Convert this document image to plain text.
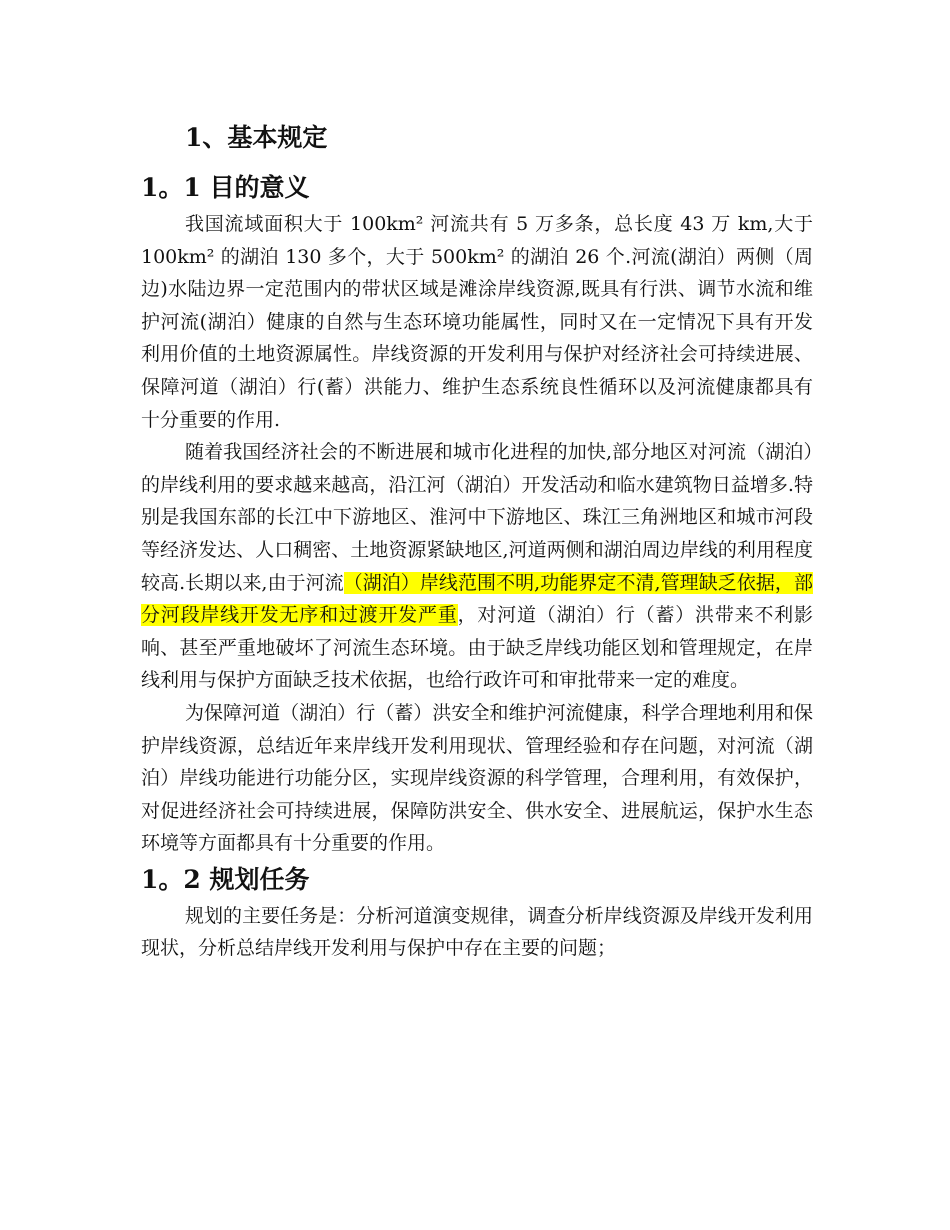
1、基本规定
1。1 目的意义

我国流域面积大于 100km² 河流共有 5 万多条，总长度 43 万 km,大于 100km² 的湖泊 130 多个，大于 500km² 的湖泊 26 个.河流(湖泊）两侧（周边)水陆边界一定范围内的带状区域是滩涂岸线资源,既具有行洪、调节水流和维护河流(湖泊）健康的自然与生态环境功能属性，同时又在一定情况下具有开发利用价值的土地资源属性。岸线资源的开发利用与保护对经济社会可持续进展、保障河道（湖泊）行(蓄）洪能力、维护生态系统良性循环以及河流健康都具有十分重要的作用.

随着我国经济社会的不断进展和城市化进程的加快,部分地区对河流（湖泊）的岸线利用的要求越来越高，沿江河（湖泊）开发活动和临水建筑物日益增多.特别是我国东部的长江中下游地区、淮河中下游地区、珠江三角洲地区和城市河段等经济发达、人口稠密、土地资源紧缺地区,河道两侧和湖泊周边岸线的利用程度较高.长期以来,由于河流（湖泊）岸线范围不明,功能界定不清,管理缺乏依据，部分河段岸线开发无序和过渡开发严重，对河道（湖泊）行（蓄）洪带来不利影响、甚至严重地破坏了河流生态环境。由于缺乏岸线功能区划和管理规定，在岸线利用与保护方面缺乏技术依据，也给行政许可和审批带来一定的难度。

为保障河道（湖泊）行（蓄）洪安全和维护河流健康，科学合理地利用和保护岸线资源，总结近年来岸线开发利用现状、管理经验和存在问题，对河流（湖泊）岸线功能进行功能分区，实现岸线资源的科学管理，合理利用，有效保护，对促进经济社会可持续进展，保障防洪安全、供水安全、进展航运，保护水生态环境等方面都具有十分重要的作用。

1。2 规划任务

规划的主要任务是：分析河道演变规律，调查分析岸线资源及岸线开发利用现状，分析总结岸线开发利用与保护中存在主要的问题；
